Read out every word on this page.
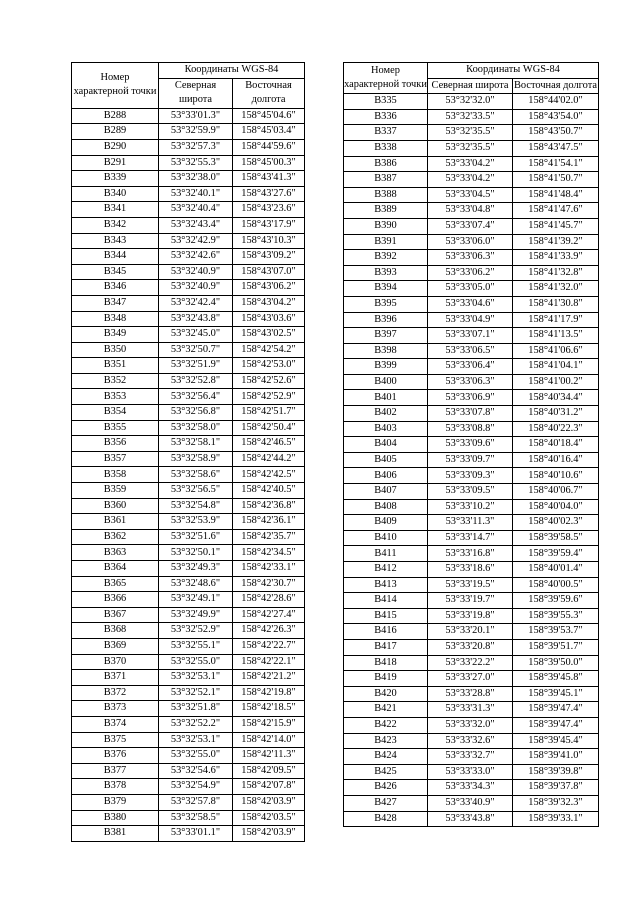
Номер характерной точки	Координаты WGS-84	
	Северная широта	Восточная долгота

B288	53°33'01.3"	158°45'04.6"
B289	53°32'59.9"	158°45'03.4"
B290	53°32'57.3"	158°44'59.6"
B291	53°32'55.3"	158°45'00.3"
B339	53°32'38.0"	158°43'41.3"
B340	53°32'40.1"	158°43'27.6"
B341	53°32'40.4"	158°43'23.6"
B342	53°32'43.4"	158°43'17.9"
B343	53°32'42.9"	158°43'10.3"
B344	53°32'42.6"	158°43'09.2"
B345	53°32'40.9"	158°43'07.0"
B346	53°32'40.9"	158°43'06.2"
B347	53°32'42.4"	158°43'04.2"
B348	53°32'43.8"	158°43'03.6"
B349	53°32'45.0"	158°43'02.5"
B350	53°32'50.7"	158°42'54.2"
B351	53°32'51.9"	158°42'53.0"
B352	53°32'52.8"	158°42'52.6"
B353	53°32'56.4"	158°42'52.9"
B354	53°32'56.8"	158°42'51.7"
B355	53°32'58.0"	158°42'50.4"
B356	53°32'58.1"	158°42'46.5"
B357	53°32'58.9"	158°42'44.2"
B358	53°32'58.6"	158°42'42.5"
B359	53°32'56.5"	158°42'40.5"
B360	53°32'54.8"	158°42'36.8"
B361	53°32'53.9"	158°42'36.1"
B362	53°32'51.6"	158°42'35.7"
B363	53°32'50.1"	158°42'34.5"
B364	53°32'49.3"	158°42'33.1"
B365	53°32'48.6"	158°42'30.7"
B366	53°32'49.1"	158°42'28.6"
B367	53°32'49.9"	158°42'27.4"
B368	53°32'52.9"	158°42'26.3"
B369	53°32'55.1"	158°42'22.7"
B370	53°32'55.0"	158°42'22.1"
B371	53°32'53.1"	158°42'21.2"
B372	53°32'52.1"	158°42'19.8"
B373	53°32'51.8"	158°42'18.5"
B374	53°32'52.2"	158°42'15.9"
B375	53°32'53.1"	158°42'14.0"
B376	53°32'55.0"	158°42'11.3"
B377	53°32'54.6"	158°42'09.5"
B378	53°32'54.9"	158°42'07.8"
B379	53°32'57.8"	158°42'03.9"
B380	53°32'58.5"	158°42'03.5"
B381	53°33'01.1"	158°42'03.9"
Номер характерной точки	Координаты WGS-84	
	Северная широта	Восточная долгота

B335	53°32'32.0"	158°44'02.0"
B336	53°32'33.5"	158°43'54.0"
B337	53°32'35.5"	158°43'50.7"
B338	53°32'35.5"	158°43'47.5"
B386	53°33'04.2"	158°41'54.1"
B387	53°33'04.2"	158°41'50.7"
B388	53°33'04.5"	158°41'48.4"
B389	53°33'04.8"	158°41'47.6"
B390	53°33'07.4"	158°41'45.7"
B391	53°33'06.0"	158°41'39.2"
B392	53°33'06.3"	158°41'33.9"
B393	53°33'06.2"	158°41'32.8"
B394	53°33'05.0"	158°41'32.0"
B395	53°33'04.6"	158°41'30.8"
B396	53°33'04.9"	158°41'17.9"
B397	53°33'07.1"	158°41'13.5"
B398	53°33'06.5"	158°41'06.6"
B399	53°33'06.4"	158°41'04.1"
B400	53°33'06.3"	158°41'00.2"
B401	53°33'06.9"	158°40'34.4"
B402	53°33'07.8"	158°40'31.2"
B403	53°33'08.8"	158°40'22.3"
B404	53°33'09.6"	158°40'18.4"
B405	53°33'09.7"	158°40'16.4"
B406	53°33'09.3"	158°40'10.6"
B407	53°33'09.5"	158°40'06.7"
B408	53°33'10.2"	158°40'04.0"
B409	53°33'11.3"	158°40'02.3"
B410	53°33'14.7"	158°39'58.5"
B411	53°33'16.8"	158°39'59.4"
B412	53°33'18.6"	158°40'01.4"
B413	53°33'19.5"	158°40'00.5"
B414	53°33'19.7"	158°39'59.6"
B415	53°33'19.8"	158°39'55.3"
B416	53°33'20.1"	158°39'53.7"
B417	53°33'20.8"	158°39'51.7"
B418	53°33'22.2"	158°39'50.0"
B419	53°33'27.0"	158°39'45.8"
B420	53°33'28.8"	158°39'45.1"
B421	53°33'31.3"	158°39'47.4"
B422	53°33'32.0"	158°39'47.4"
B423	53°33'32.6"	158°39'45.4"
B424	53°33'32.7"	158°39'41.0"
B425	53°33'33.0"	158°39'39.8"
B426	53°33'34.3"	158°39'37.8"
B427	53°33'40.9"	158°39'32.3"
B428	53°33'43.8"	158°39'33.1"
